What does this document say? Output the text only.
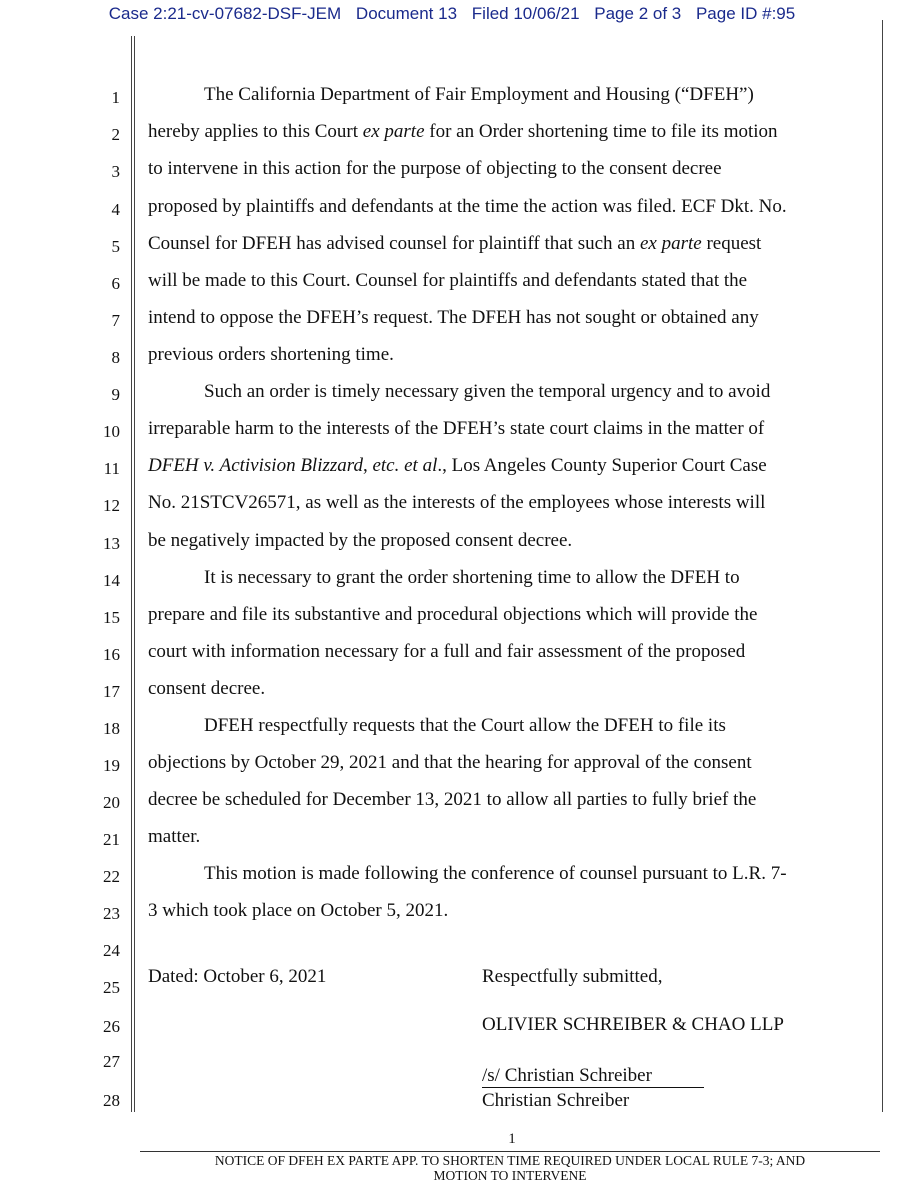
Case 2:21-cv-07682-DSF-JEM Document 13 Filed 10/06/21 Page 2 of 3 Page ID #:95
1
2
3
4
5
6
7
8
9
10
11
12
13
14
15
16
17
18
19
20
21
22
23
24
25
26
27
28
The California Department of Fair Employment and Housing (“DFEH”)
hereby applies to this Court ex parte for an Order shortening time to file its motion
to intervene in this action for the purpose of objecting to the consent decree
proposed by plaintiffs and defendants at the time the action was filed. ECF Dkt. No.
Counsel for DFEH has advised counsel for plaintiff that such an ex parte request
will be made to this Court. Counsel for plaintiffs and defendants stated that the
intend to oppose the DFEH’s request. The DFEH has not sought or obtained any
previous orders shortening time.
Such an order is timely necessary given the temporal urgency and to avoid
irreparable harm to the interests of the DFEH’s state court claims in the matter of
DFEH v. Activision Blizzard, etc. et al., Los Angeles County Superior Court Case
No. 21STCV26571, as well as the interests of the employees whose interests will
be negatively impacted by the proposed consent decree.
It is necessary to grant the order shortening time to allow the DFEH to
prepare and file its substantive and procedural objections which will provide the
court with information necessary for a full and fair assessment of the proposed
consent decree.
DFEH respectfully requests that the Court allow the DFEH to file its
objections by October 29, 2021 and that the hearing for approval of the consent
decree be scheduled for December 13, 2021 to allow all parties to fully brief the
matter.
This motion is made following the conference of counsel pursuant to L.R. 7-
3 which took place on October 5, 2021.
Dated: October 6, 2021	Respectfully submitted,
OLIVIER SCHREIBER & CHAO LLP
/s/ Christian Schreiber
Christian Schreiber
1
NOTICE OF DFEH EX PARTE APP. TO SHORTEN TIME REQUIRED UNDER LOCAL RULE 7-3; AND
MOTION TO INTERVENE
